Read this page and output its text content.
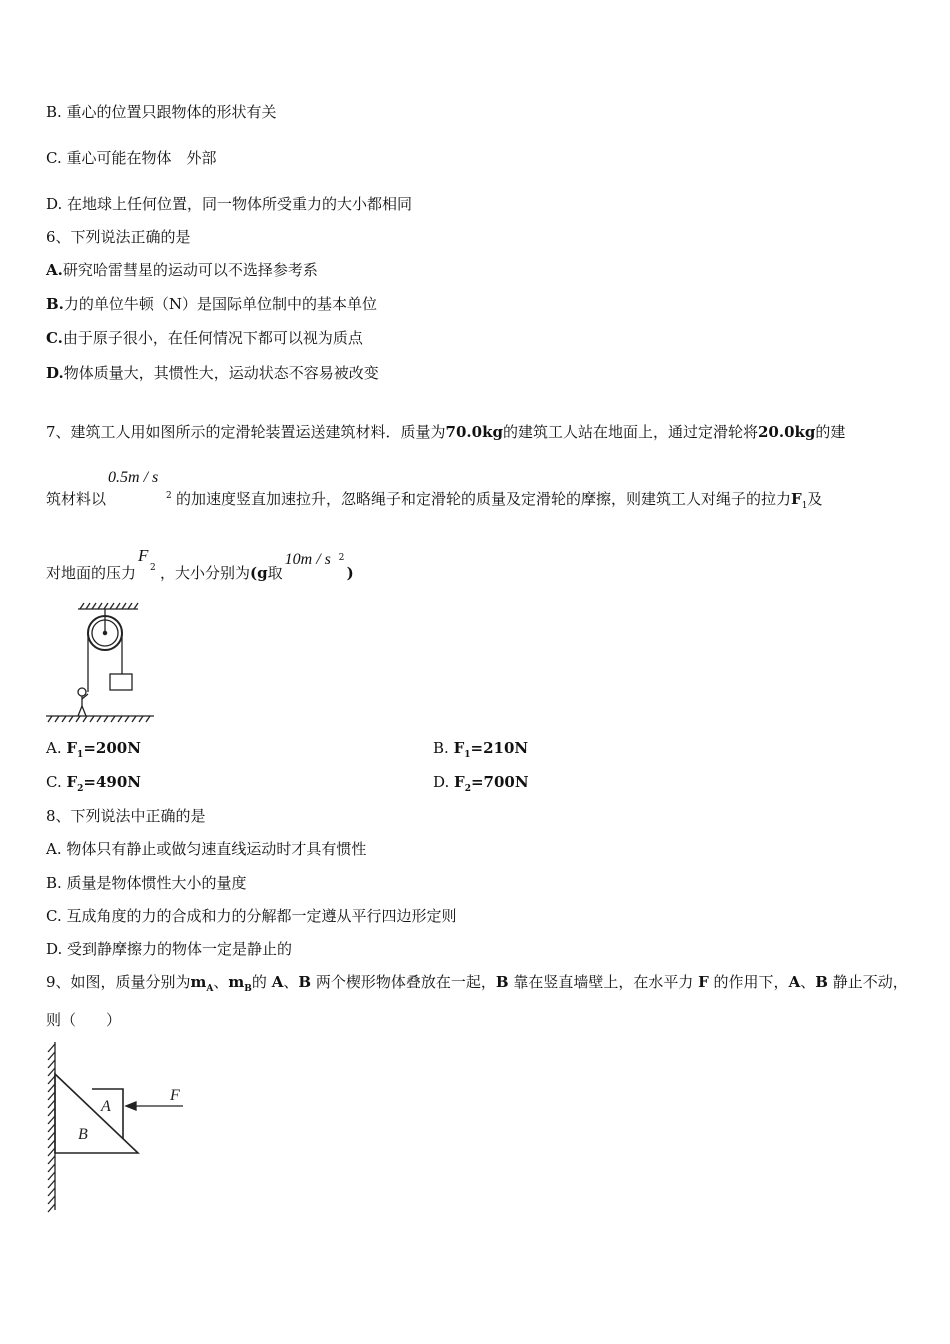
B. 重心的位置只跟物体的形状有关
C. 重心可能在物体　外部
D. 在地球上任何位置，同一物体所受重力的大小都相同
6、下列说法正确的是
A.研究哈雷彗星的运动可以不选择参考系
B.力的单位牛顿（N）是国际单位制中的基本单位
C.由于原子很小，在任何情况下都可以视为质点
D.物体质量大，其惯性大，运动状态不容易被改变
7、建筑工人用如图所示的定滑轮装置运送建筑材料．质量为70.0kg的建筑工人站在地面上，通过定滑轮将20.0kg的建
筑材料以
0.5m / s
2 的加速度竖直加速拉升，忽略绳子和定滑轮的质量及定滑轮的摩擦，则建筑工人对绳子的拉力$F_1$及
对地面的压力
F
2 ，大小分别为(g取
10m / s 2
)
A. $F_1=200N$	B. $F_1=210N$
C. $F_2=490N$	D. $F_2=700N$
8、下列说法中正确的是
A. 物体只有静止或做匀速直线运动时才具有惯性
B. 质量是物体惯性大小的量度
C. 互成角度的力的合成和力的分解都一定遵从平行四边形定则
D. 受到静摩擦力的物体一定是静止的
9、如图，质量分别为$m_A$、$m_B$的 A、B 两个楔形物体叠放在一起，B 靠在竖直墙壁上，在水平力 F 的作用下，A、B 静止不动，
则（　　）
A
B
F
